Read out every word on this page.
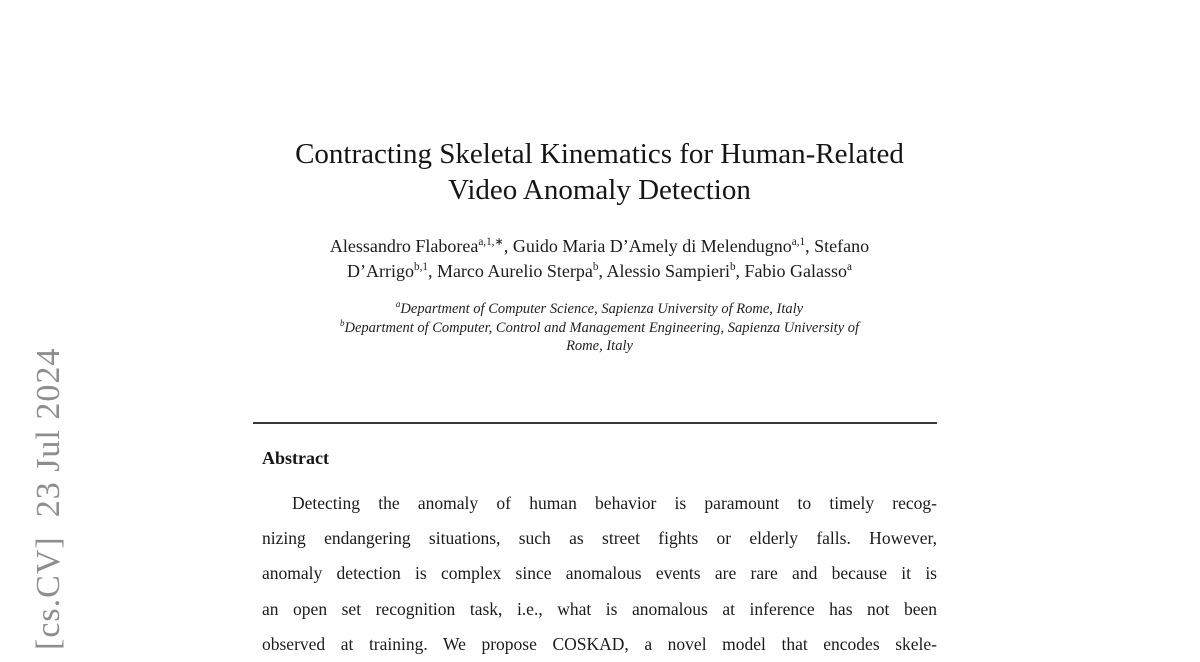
[cs.CV]  23 Jul 2024
Contracting Skeletal Kinematics for Human-Related
Video Anomaly Detection
Alessandro Flaborea$^{a,1,∗}$, Guido Maria D’Amely di Melendugno$^{a,1}$, Stefano
D’Arrigo$^{b,1}$, Marco Aurelio Sterpa$^b$, Alessio Sampieri$^b$, Fabio Galasso$^a$
$^a$Department of Computer Science, Sapienza University of Rome, Italy
$^b$Department of Computer, Control and Management Engineering, Sapienza University of
Rome, Italy
Abstract
Detecting the anomaly of human behavior is paramount to timely recog-
nizing endangering situations, such as street fights or elderly falls. However,
anomaly detection is complex since anomalous events are rare and because it is
an open set recognition task, i.e., what is anomalous at inference has not been
observed at training. We propose COSKAD, a novel model that encodes skele-
